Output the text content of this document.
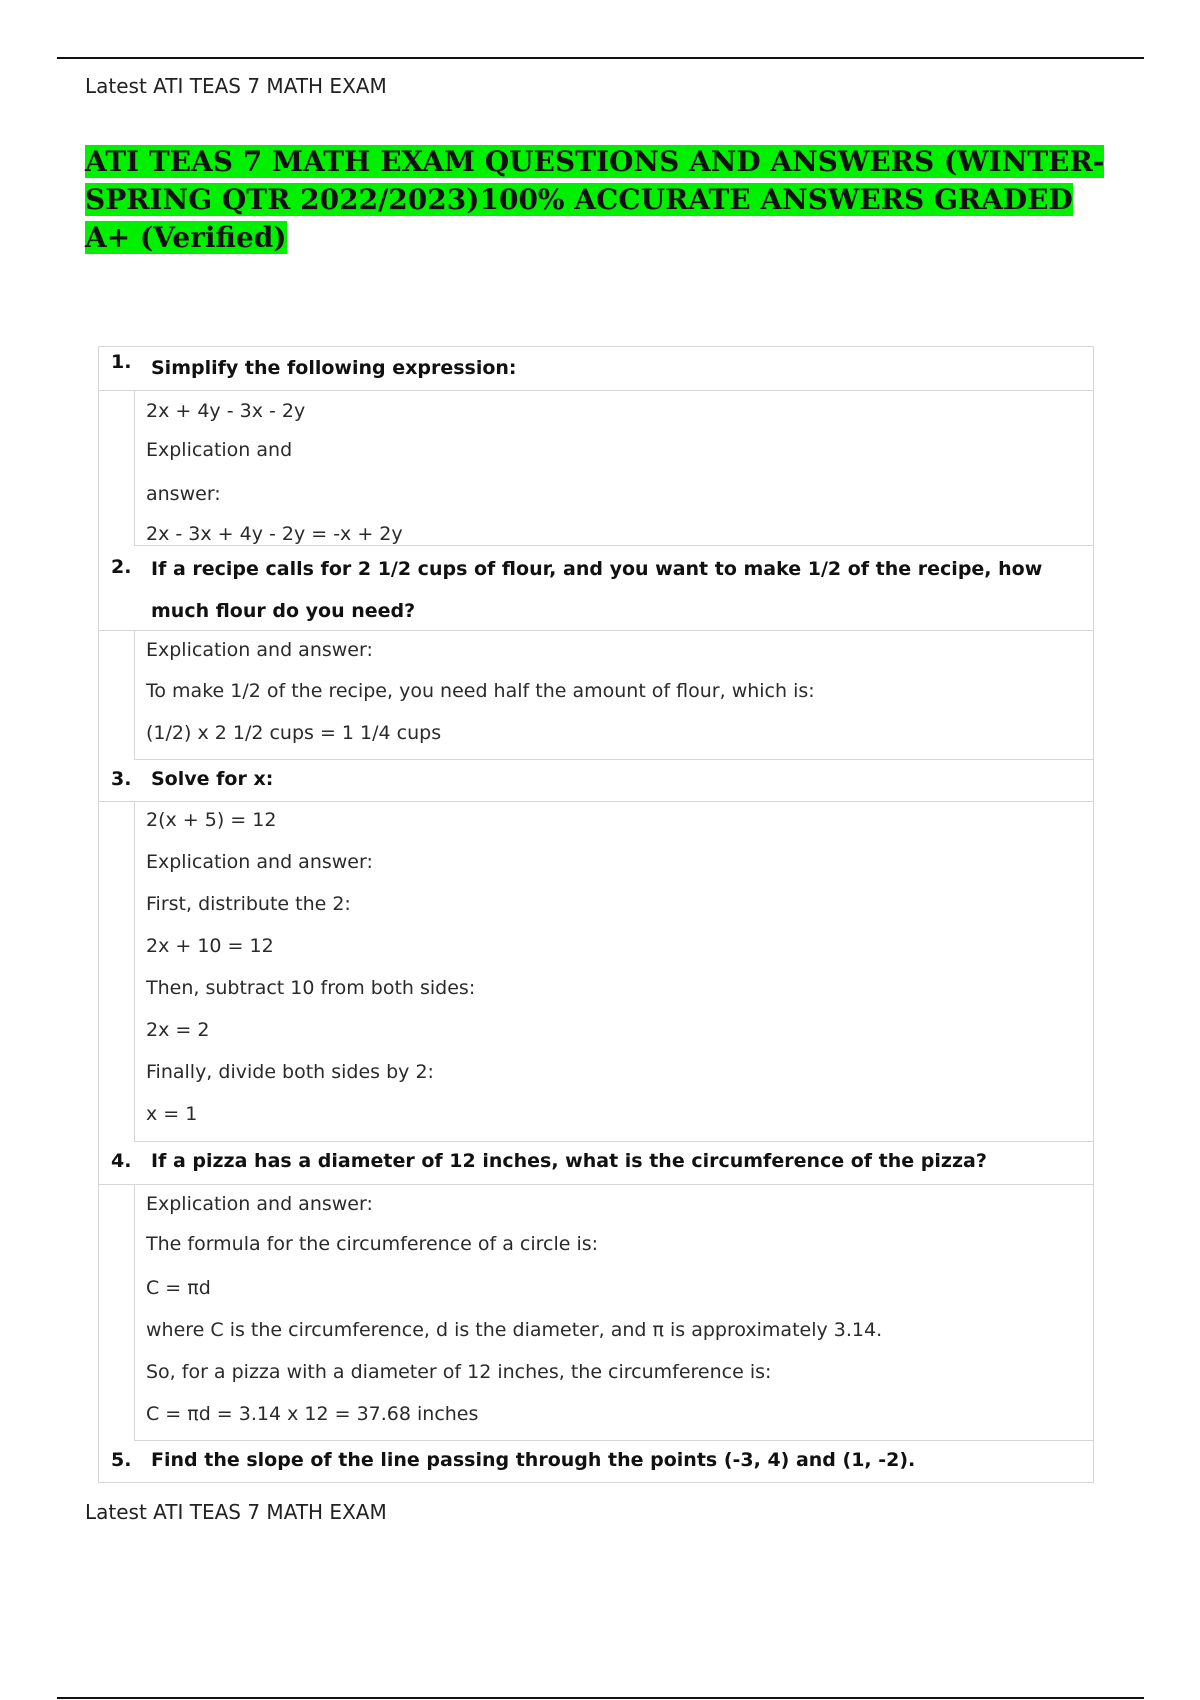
Latest ATI TEAS 7 MATH EXAM
ATI TEAS 7 MATH EXAM QUESTIONS AND ANSWERS (WINTER-SPRING QTR 2022/2023)100% ACCURATE ANSWERS GRADED A+ (Verified)
1.	Simplify the following expression:
2x + 4y - 3x - 2y
Explication and
answer:
2x - 3x + 4y - 2y = -x + 2y
2.	If a recipe calls for 2 1/2 cups of flour, and you want to make 1/2 of the recipe, how much flour do you need?
Explication and answer:
To make 1/2 of the recipe, you need half the amount of flour, which is:
(1/2) x 2 1/2 cups = 1 1/4 cups
3.	Solve for x:
2(x + 5) = 12
Explication and answer:
First, distribute the 2:
2x + 10 = 12
Then, subtract 10 from both sides:
2x = 2
Finally, divide both sides by 2:
x = 1
4.	If a pizza has a diameter of 12 inches, what is the circumference of the pizza?
Explication and answer:
The formula for the circumference of a circle is:
C = πd
where C is the circumference, d is the diameter, and π is approximately 3.14.
So, for a pizza with a diameter of 12 inches, the circumference is:
C = πd = 3.14 x 12 = 37.68 inches
5.	Find the slope of the line passing through the points (-3, 4) and (1, -2).
Latest ATI TEAS 7 MATH EXAM
